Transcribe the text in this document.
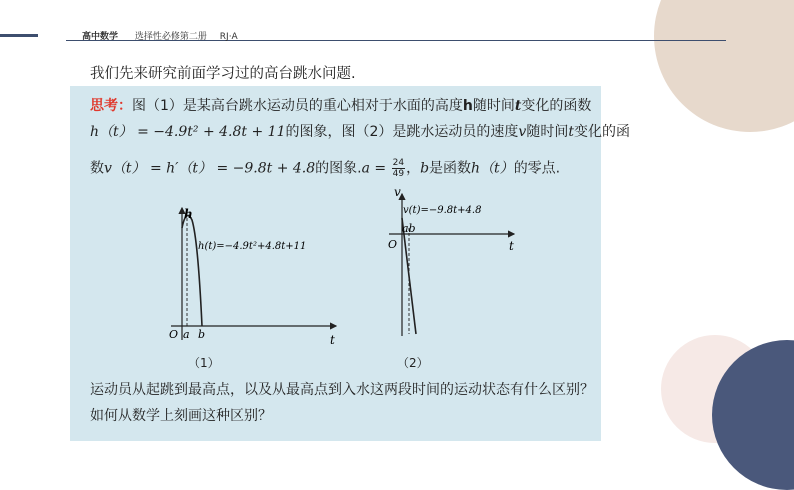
高中数学 选择性必修第二册 RJ·A
我们先来研究前面学习过的高台跳水问题.
思考：图（1）是某高台跳水运动员的重心相对于水面的高度h随时间t变化的函数
h（t） = −4.9t² + 4.8t + 11的图象，图（2）是跳水运动员的速度v随时间t变化的函
数v（t） = h′（t） = −9.8t + 4.8的图象$.a = \frac{24}{49}$ ，b是函数h（t）的零点.
h
t
O a b
h(t)=−4.9t²+4.8t+11
（1）
v
t
O
ab
v(t)=−9.8t+4.8
（2）
运动员从起跳到最高点，以及从最高点到入水这两段时间的运动状态有什么区别？
如何从数学上刻画这种区别？
